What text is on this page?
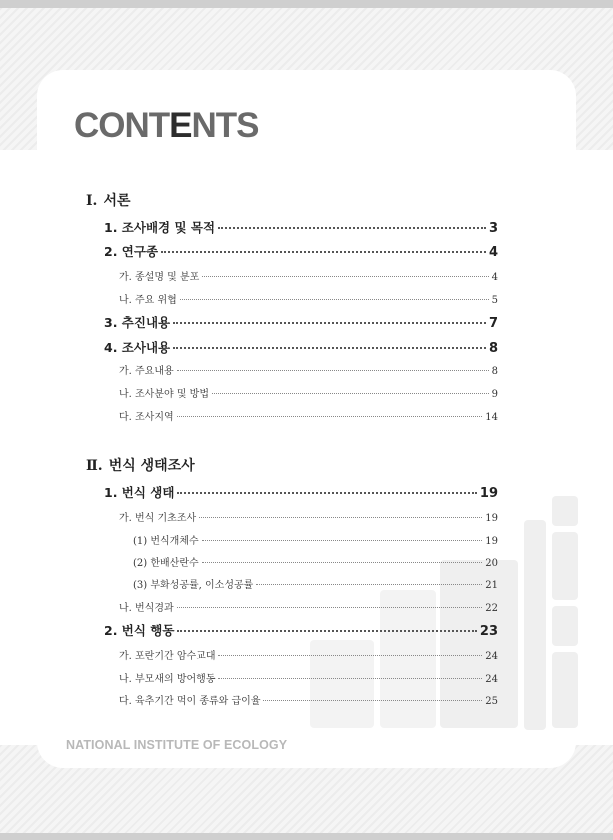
CONTENTS
Ⅰ. 서론
1. 조사배경 및 목적	3
2. 연구종	4
가. 종설명 및 분포	4
나. 주요 위협	5
3. 추진내용	7
4. 조사내용	8
가. 주요내용	8
나. 조사분야 및 방법	9
다. 조사지역	14
Ⅱ. 번식 생태조사
1. 번식 생태	19
가. 번식 기초조사	19
(1) 번식개체수	19
(2) 한배산란수	20
(3) 부화성공률, 이소성공률	21
나. 번식경과	22
2. 번식 행동	23
가. 포란기간 암수교대	24
나. 부모새의 방어행동	24
다. 육추기간 먹이 종류와 급이율	25
NATIONAL INSTITUTE OF ECOLOGY
